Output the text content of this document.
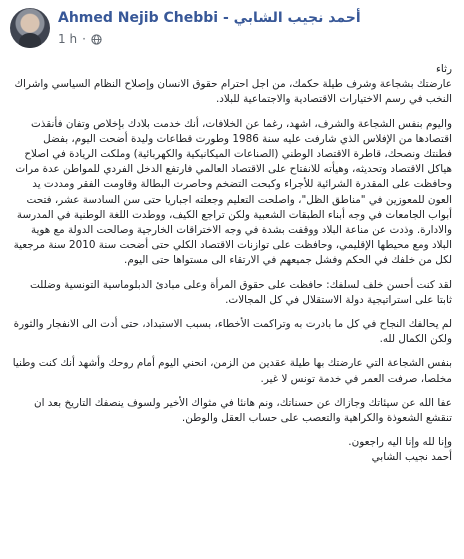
Ahmed Nejib Chebbi - أحمد نجيب الشابي
1 h ·

رثاء
عارضتك بشجاعة وشرف طيلة حكمك، من اجل احترام حقوق الانسان وإصلاح النظام السياسي واشراك النخب في رسم الاختيارات الاقتصادية والاجتماعية للبلاد.

واليوم بنفس الشجاعة والشرف، اشهد، رغما عن الخلافات، أنك خدمت بلادك بإخلاص وتفان فأنقذت اقتصادها من الإفلاس الذي شارفت عليه سنة 1986 وطورت قطاعات وليدة أضحت اليوم، بفضل فطنتك ونصحك، قاطرة الاقتصاد الوطني (الصناعات الميكانيكية والكهربائية) وملكت الريادة في اصلاح هياكل الاقتصاد وتحديثه، وهيأته للانفتاح على الاقتصاد العالمي فارتفع الدخل الفردي للمواطن عدة مرات وحافظت على المقدرة الشرائية للأجراء وكبحت التضخم وحاصرت البطالة وقاومت الفقر ومددت يد العون للمعوزين في "مناطق الظل"، واصلحت التعليم وجعلته اجباريا حتى سن السادسة عشر، فتحت أبواب الجامعات في وجه أبناء الطبقات الشعبية ولكن تراجع الكيف، ووطدت اللغة الوطنية في المدرسة والادارة. وذدت عن مناعة البلاد ووقفت بشدة في وجه الاختراقات الخارجية وصالحت الدولة مع هوية البلاد ومع محيطها الإقليمي، وحافظت على توازنات الاقتصاد الكلي حتى أضحت سنة 2010 سنة مرجعية لكل من خلفك في الحكم وفشل جميعهم في الارتقاء الى مستواها حتى اليوم.

لقد كنت أحسن خلف لسلفك: حافظت على حقوق المرأة وعلى مبادئ الدبلوماسية التونسية وضللت ثابتا على استراتيجية دولة الاستقلال في كل المجالات.

لم يحالفك النجاح في كل ما بادرت به وتراكمت الأخطاء، بسبب الاستبداد، حتى أدت الى الانفجار والثورة ولكن الكمال لله.

بنفس الشجاعة التي عارضتك بها طيلة عقدين من الزمن، انحني اليوم أمام روحك وأشهد أنك كنت وطنيا مخلصا، صرفت العمر في خدمة تونس لا غير.

عفا الله عن سيئاتك وجازاك عن حسناتك، ونم هانئا في مثواك الأخير ولسوف ينصفك التاريخ بعد ان تنقشع الشعوذة والكراهية والتعصب على حساب العقل والوطن.

وإنا لله وإنا اليه راجعون.
أحمد نجيب الشابي
